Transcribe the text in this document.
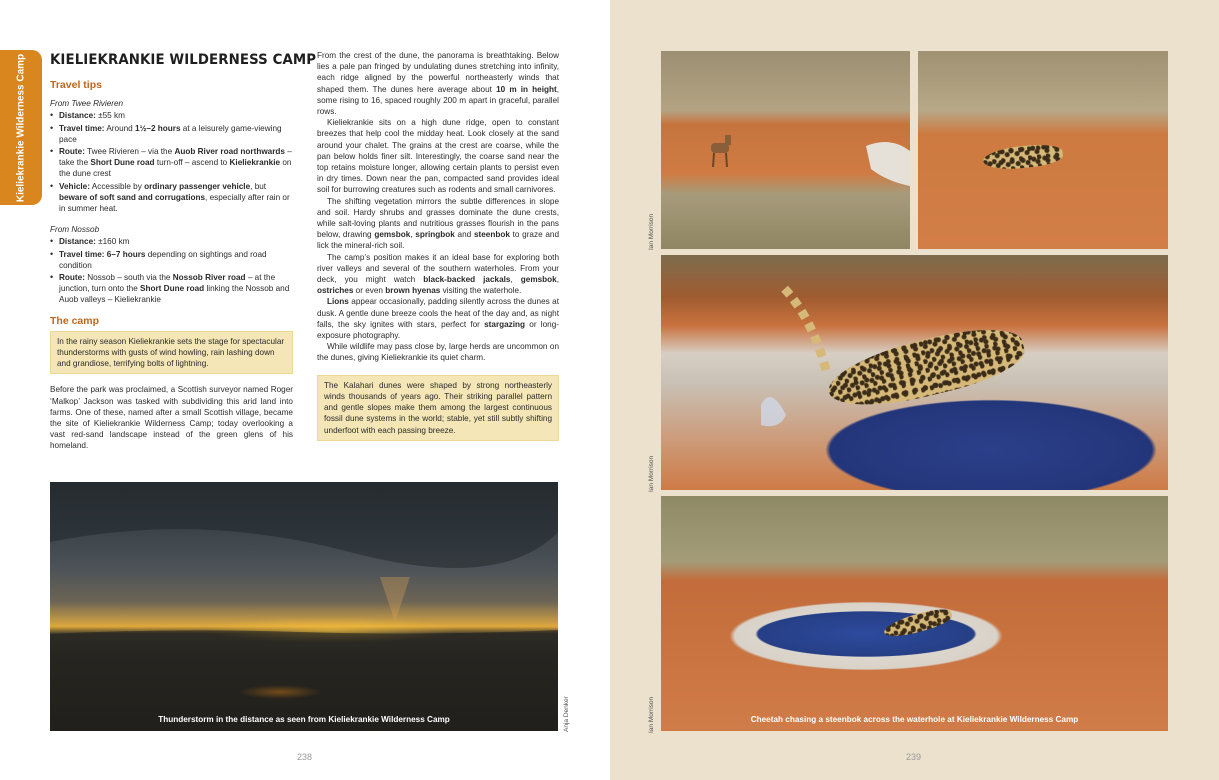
Kieliekrankie Wilderness Camp KIELIEKRANKIE WILDERNESS CAMP
Travel tips
From Twee Rivieren
• Distance: ±55 km
• Travel time: Around 1½–2 hours at a leisurely game-viewing pace
• Route: Twee Rivieren – via the Auob River road northwards – take the Short Dune road turn-off – ascend to Kieliekrankie on the dune crest
• Vehicle: Accessible by ordinary passenger vehicle, but beware of soft sand and corrugations, especially after rain or in summer heat.
From Nossob
• Distance: ±160 km
• Travel time: 6–7 hours depending on sightings and road condition
• Route: Nossob – south via the Nossob River road – at the junction, turn onto the Short Dune road linking the Nossob and Auob valleys – Kieliekrankie
The camp
In the rainy season Kieliekrankie sets the stage for spectacular thunderstorms with gusts of wind howling, rain lashing down and grandiose, terrifying bolts of lightning.

Before the park was proclaimed, a Scottish surveyor named Roger ‘Malkop’ Jackson was tasked with subdividing this arid land into farms. One of these, named after a small Scottish village, became the site of Kieliekrankie Wilderness Camp; today overlooking a vast red-sand landscape instead of the green glens of his homeland.

From the crest of the dune, the panorama is breathtaking. Below lies a pale pan fringed by undulating dunes stretching into infinity, each ridge aligned by the powerful northeasterly winds that shaped them. The dunes here average about 10 m in height, some rising to 16, spaced roughly 200 m apart in graceful, parallel rows.

Kieliekrankie sits on a high dune ridge, open to constant breezes that help cool the midday heat. Look closely at the sand around your chalet. The grains at the crest are coarse, while the pan below holds finer silt. Interestingly, the coarse sand near the top retains moisture longer, allowing certain plants to persist even in dry times. Down near the pan, compacted sand provides ideal soil for burrowing creatures such as rodents and small carnivores.

The shifting vegetation mirrors the subtle differences in slope and soil. Hardy shrubs and grasses dominate the dune crests, while salt-loving plants and nutritious grasses flourish in the pans below, drawing gemsbok, springbok and steenbok to graze and lick the mineral-rich soil.

The camp’s position makes it an ideal base for exploring both river valleys and several of the southern waterholes. From your deck, you might watch black-backed jackals, gemsbok, ostriches or even brown hyenas visiting the waterhole.

Lions appear occasionally, padding silently across the dunes at dusk. A gentle dune breeze cools the heat of the day and, as night falls, the sky ignites with stars, perfect for stargazing or long-exposure photography.

While wildlife may pass close by, large herds are uncommon on the dunes, giving Kieliekrankie its quiet charm.

The Kalahari dunes were shaped by strong northeasterly winds thousands of years ago. Their striking parallel pattern and gentle slopes make them among the largest continuous fossil dune systems in the world; stable, yet still subtly shifting underfoot with each passing breeze.
Thunderstorm in the distance as seen from Kieliekrankie Wilderness Camp	Anja Denker
238
Ian Morrison
Ian Morrison
Cheetah chasing a steenbok across the waterhole at Kieliekrankie Wilderness Camp
Ian Morrison
239
